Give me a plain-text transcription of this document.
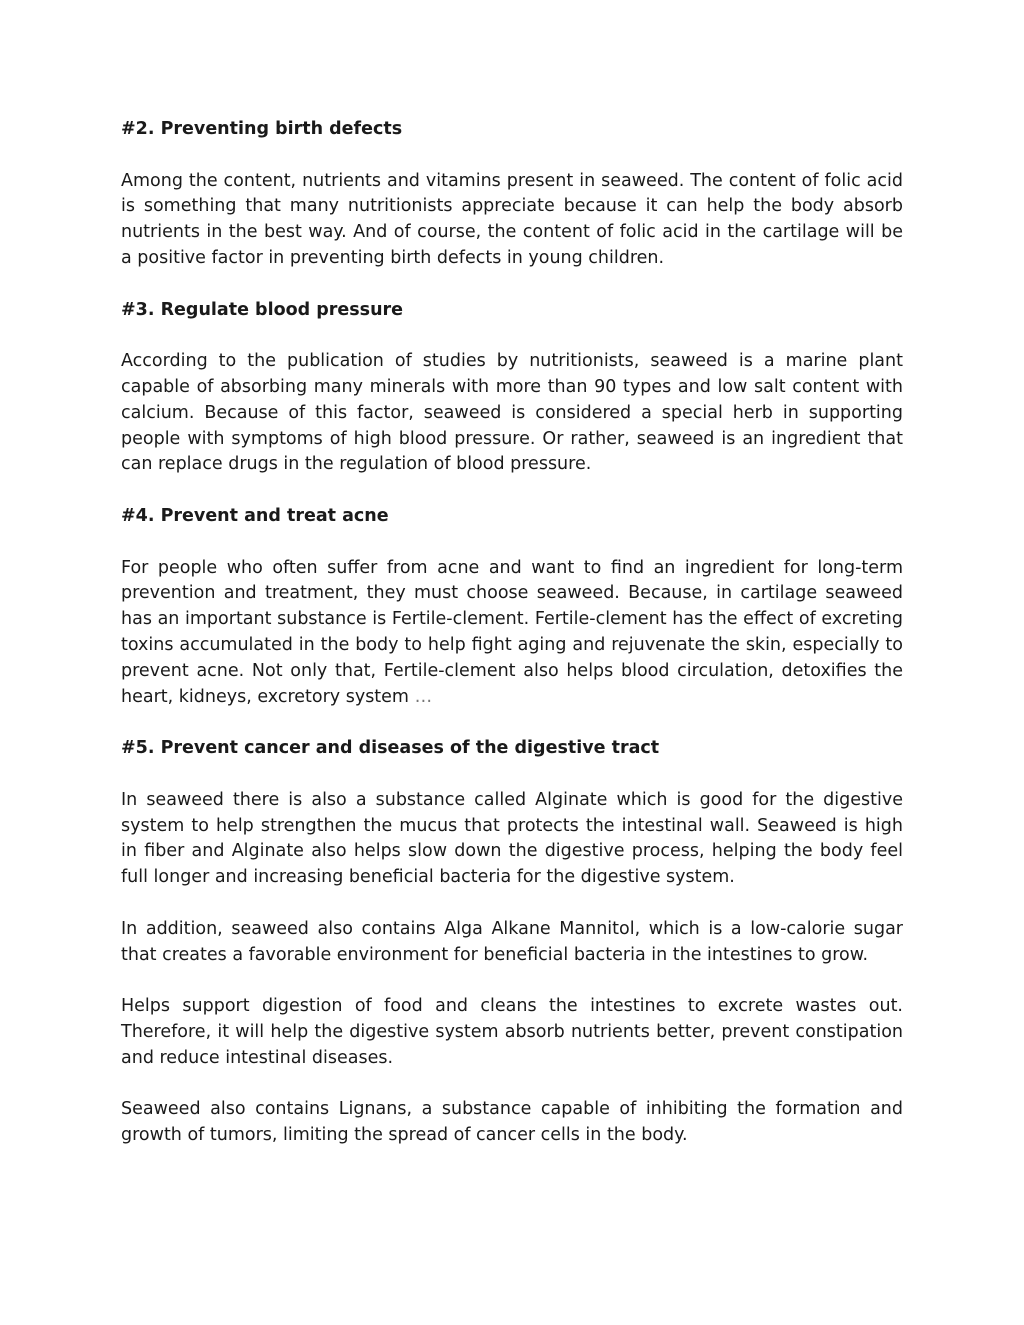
#2. Preventing birth defects

Among the content, nutrients and vitamins present in seaweed. The content of folic acid is something that many nutritionists appreciate because it can help the body absorb nutrients in the best way. And of course, the content of folic acid in the cartilage will be a positive factor in preventing birth defects in young children.

#3. Regulate blood pressure

According to the publication of studies by nutritionists, seaweed is a marine plant capable of absorbing many minerals with more than 90 types and low salt content with calcium. Because of this factor, seaweed is considered a special herb in supporting people with symptoms of high blood pressure. Or rather, seaweed is an ingredient that can replace drugs in the regulation of blood pressure.

#4. Prevent and treat acne

For people who often suffer from acne and want to find an ingredient for long-term prevention and treatment, they must choose seaweed. Because, in cartilage seaweed has an important substance is Fertile-clement. Fertile-clement has the effect of excreting toxins accumulated in the body to help fight aging and rejuvenate the skin, especially to prevent acne. Not only that, Fertile-clement also helps blood circulation, detoxifies the heart, kidneys, excretory system …

#5. Prevent cancer and diseases of the digestive tract

In seaweed there is also a substance called Alginate which is good for the digestive system to help strengthen the mucus that protects the intestinal wall. Seaweed is high in fiber and Alginate also helps slow down the digestive process, helping the body feel full longer and increasing beneficial bacteria for the digestive system.

In addition, seaweed also contains Alga Alkane Mannitol, which is a low-calorie sugar that creates a favorable environment for beneficial bacteria in the intestines to grow.

Helps support digestion of food and cleans the intestines to excrete wastes out. Therefore, it will help the digestive system absorb nutrients better, prevent constipation and reduce intestinal diseases.

Seaweed also contains Lignans, a substance capable of inhibiting the formation and growth of tumors, limiting the spread of cancer cells in the body.
